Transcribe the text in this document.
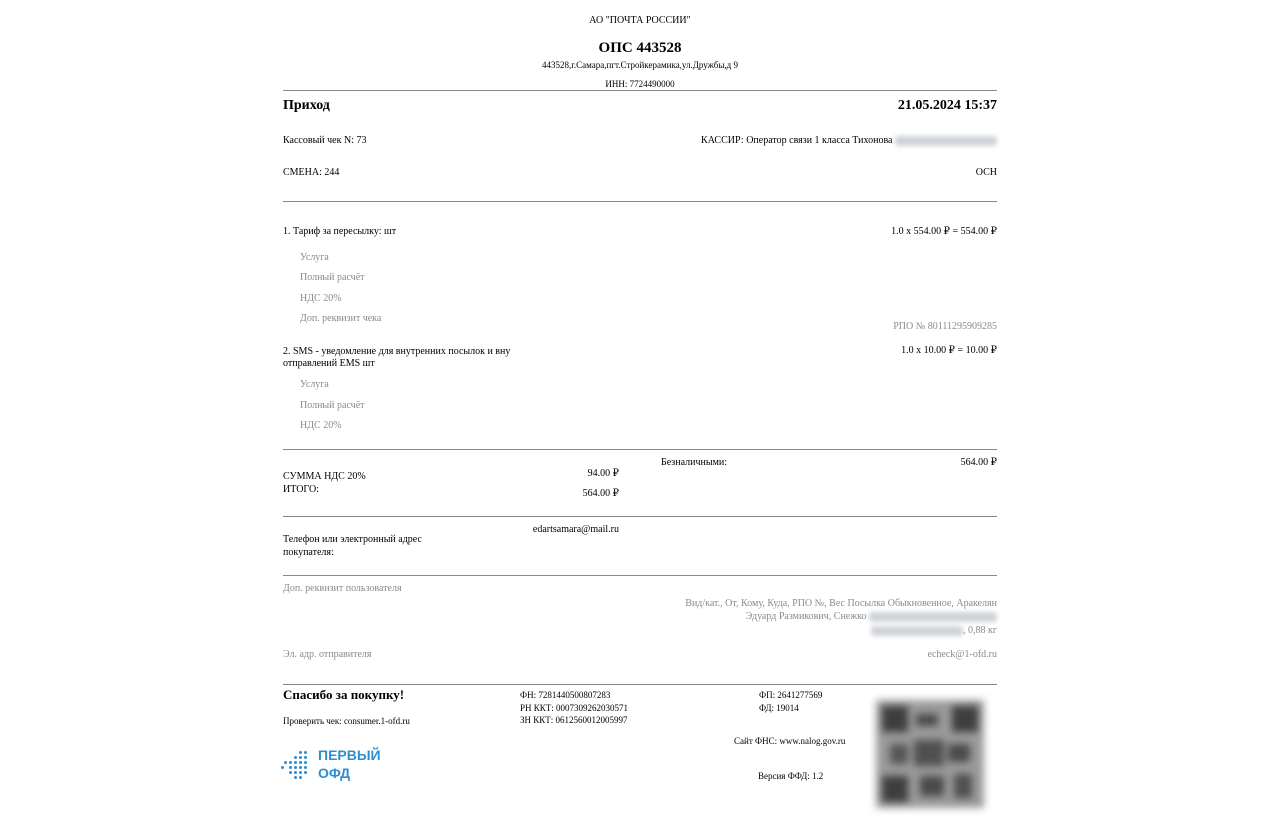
АО "ПОЧТА РОССИИ"
ОПС 443528
443528,г.Самара,пгт.Стройкерамика,ул.Дружбы,д 9
ИНН: 7724490000
Приход	21.05.2024 15:37
Кассовый чек N: 73	КАССИР: Оператор связи 1 класса Тихонова
СМЕНА: 244	ОСН
1. Тариф за пересылку: шт	1.0 x 554.00 ₽ = 554.00 ₽
Услуга
Полный расчёт
НДС 20%
Доп. реквизит чека
РПО № 80111295909285
2. SMS - уведомление для внутренних посылок и вну
отправлений EMS шт
1.0 x 10.00 ₽ = 10.00 ₽
Услуга
Полный расчёт
НДС 20%
СУММА НДС 20%	94.00 ₽
ИТОГО:	564.00 ₽
Безналичными:	564.00 ₽
Телефон или электронный адрес
покупателя:
edartsamara@mail.ru
Доп. реквизит пользователя
Вид/кат., От, Кому, Куда, РПО №, Вес Посылка Обыкновенное, Аракелян
Эдуард Размикович, Снежко
, 0,88 кг
Эл. адр. отправителя	echeck@1-ofd.ru
Спасибо за покупку!
Проверить чек: consumer.1-ofd.ru
ФН: 7281440500807283
РН ККТ: 0007309262030571
ЗН ККТ: 0612560012005997
ФП: 2641277569
ФД: 19014
Сайт ФНС: www.nalog.gov.ru
Версия ФФД: 1.2
ПЕРВЫЙ
ОФД
